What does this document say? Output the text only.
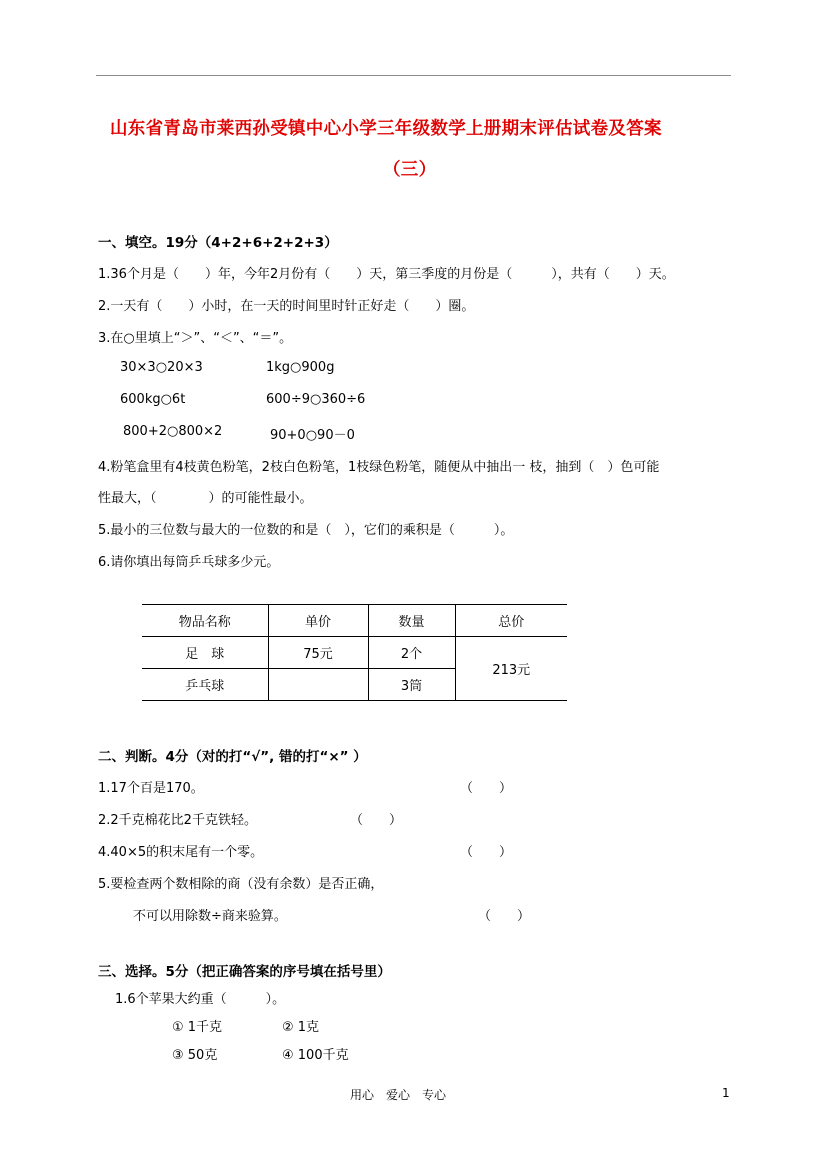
山东省青岛市莱西孙受镇中心小学三年级数学上册期末评估试卷及答案
（三）
一、填空。19分（4+2+6+2+2+3）
1.36个月是（　　）年，今年2月份有（　　）天，第三季度的月份是（　　　），共有（　　）天。
2.一天有（　　）小时，在一天的时间里时针正好走（　　）圈。
3.在○里填上“＞”、“＜”、“＝”。
30×3○20×3	1kg○900g
600kg○6t	600÷9○360÷6
800+2○800×2	90+0○90－0
4.粉笔盒里有4枝黄色粉笔，2枝白色粉笔，1枝绿色粉笔，随便从中抽出一 枝，抽到（　）色可能
性最大，（　　　　）的可能性最小。
5.最小的三位数与最大的一位数的和是（　），它们的乘积是（　　　）。
6.请你填出每筒乒乓球多少元。
物品名称	单价	数量	总价
足　球	75元	2个	213元
乒乓球		3筒	
二、判断。4分（对的打“√”, 错的打“×” ）
1.17个百是170。	（　　）
2.2千克棉花比2千克铁轻。	（　　）
4.40×5的积末尾有一个零。	（　　）
5.要检查两个数相除的商（没有余数）是否正确，
不可以用除数÷商来验算。	（　　）
三、选择。5分（把正确答案的序号填在括号里）
1.6个苹果大约重（　　　）。
① 1千克	② 1克
③ 50克	④ 100千克
用心　爱心　专心	1
